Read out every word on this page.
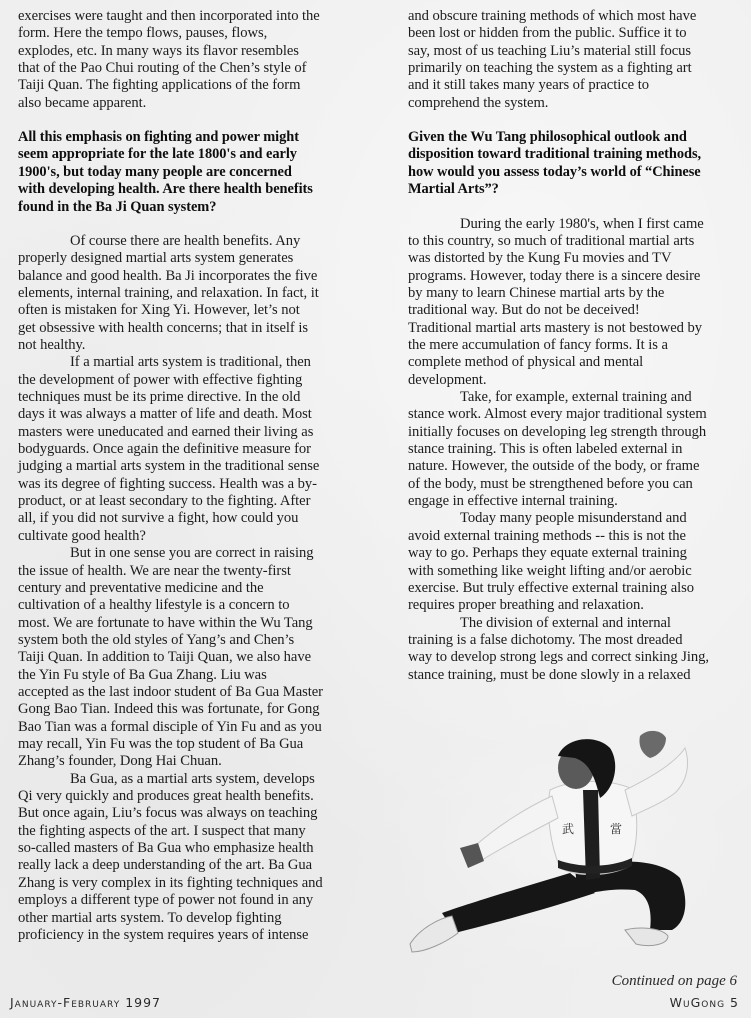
exercises were taught and then incorporated into the
form. Here the tempo flows, pauses, flows,
explodes, etc. In many ways its flavor resembles
that of the Pao Chui routing of the Chen’s style of
Taiji Quan. The fighting applications of the form
also became apparent.
All this emphasis on fighting and power might
seem appropriate for the late 1800's and early
1900's, but today many people are concerned
with developing health. Are there health benefits
found in the Ba Ji Quan system?
Of course there are health benefits. Any
properly designed martial arts system generates
balance and good health. Ba Ji incorporates the five
elements, internal training, and relaxation. In fact, it
often is mistaken for Xing Yi. However, let’s not
get obsessive with health concerns; that in itself is
not healthy.
If a martial arts system is traditional, then
the development of power with effective fighting
techniques must be its prime directive. In the old
days it was always a matter of life and death. Most
masters were uneducated and earned their living as
bodyguards. Once again the definitive measure for
judging a martial arts system in the traditional sense
was its degree of fighting success. Health was a by-
product, or at least secondary to the fighting. After
all, if you did not survive a fight, how could you
cultivate good health?
But in one sense you are correct in raising
the issue of health. We are near the twenty-first
century and preventative medicine and the
cultivation of a healthy lifestyle is a concern to
most. We are fortunate to have within the Wu Tang
system both the old styles of Yang’s and Chen’s
Taiji Quan. In addition to Taiji Quan, we also have
the Yin Fu style of Ba Gua Zhang. Liu was
accepted as the last indoor student of Ba Gua Master
Gong Bao Tian. Indeed this was fortunate, for Gong
Bao Tian was a formal disciple of Yin Fu and as you
may recall, Yin Fu was the top student of Ba Gua
Zhang’s founder, Dong Hai Chuan.
Ba Gua, as a martial arts system, develops
Qi very quickly and produces great health benefits.
But once again, Liu’s focus was always on teaching
the fighting aspects of the art. I suspect that many
so-called masters of Ba Gua who emphasize health
really lack a deep understanding of the art. Ba Gua
Zhang is very complex in its fighting techniques and
employs a different type of power not found in any
other martial arts system. To develop fighting
proficiency in the system requires years of intense
and obscure training methods of which most have
been lost or hidden from the public. Suffice it to
say, most of us teaching Liu’s material still focus
primarily on teaching the system as a fighting art
and it still takes many years of practice to
comprehend the system.
Given the Wu Tang philosophical outlook and
disposition toward traditional training methods,
how would you assess today’s world of “Chinese
Martial Arts”?
During the early 1980's, when I first came
to this country, so much of traditional martial arts
was distorted by the Kung Fu movies and TV
programs. However, today there is a sincere desire
by many to learn Chinese martial arts by the
traditional way. But do not be deceived!
Traditional martial arts mastery is not bestowed by
the mere accumulation of fancy forms. It is a
complete method of physical and mental
development.
Take, for example, external training and
stance work. Almost every major traditional system
initially focuses on developing leg strength through
stance training. This is often labeled external in
nature. However, the outside of the body, or frame
of the body, must be strengthened before you can
engage in effective internal training.
Today many people misunderstand and
avoid external training methods -- this is not the
way to go. Perhaps they equate external training
with something like weight lifting and/or aerobic
exercise. But truly effective external training also
requires proper breathing and relaxation.
The division of external and internal
training is a false dichotomy. The most dreaded
way to develop strong legs and correct sinking Jing,
stance training, must be done slowly in a relaxed
武	當
Continued on page 6
January-February 1997	WuGong 5
